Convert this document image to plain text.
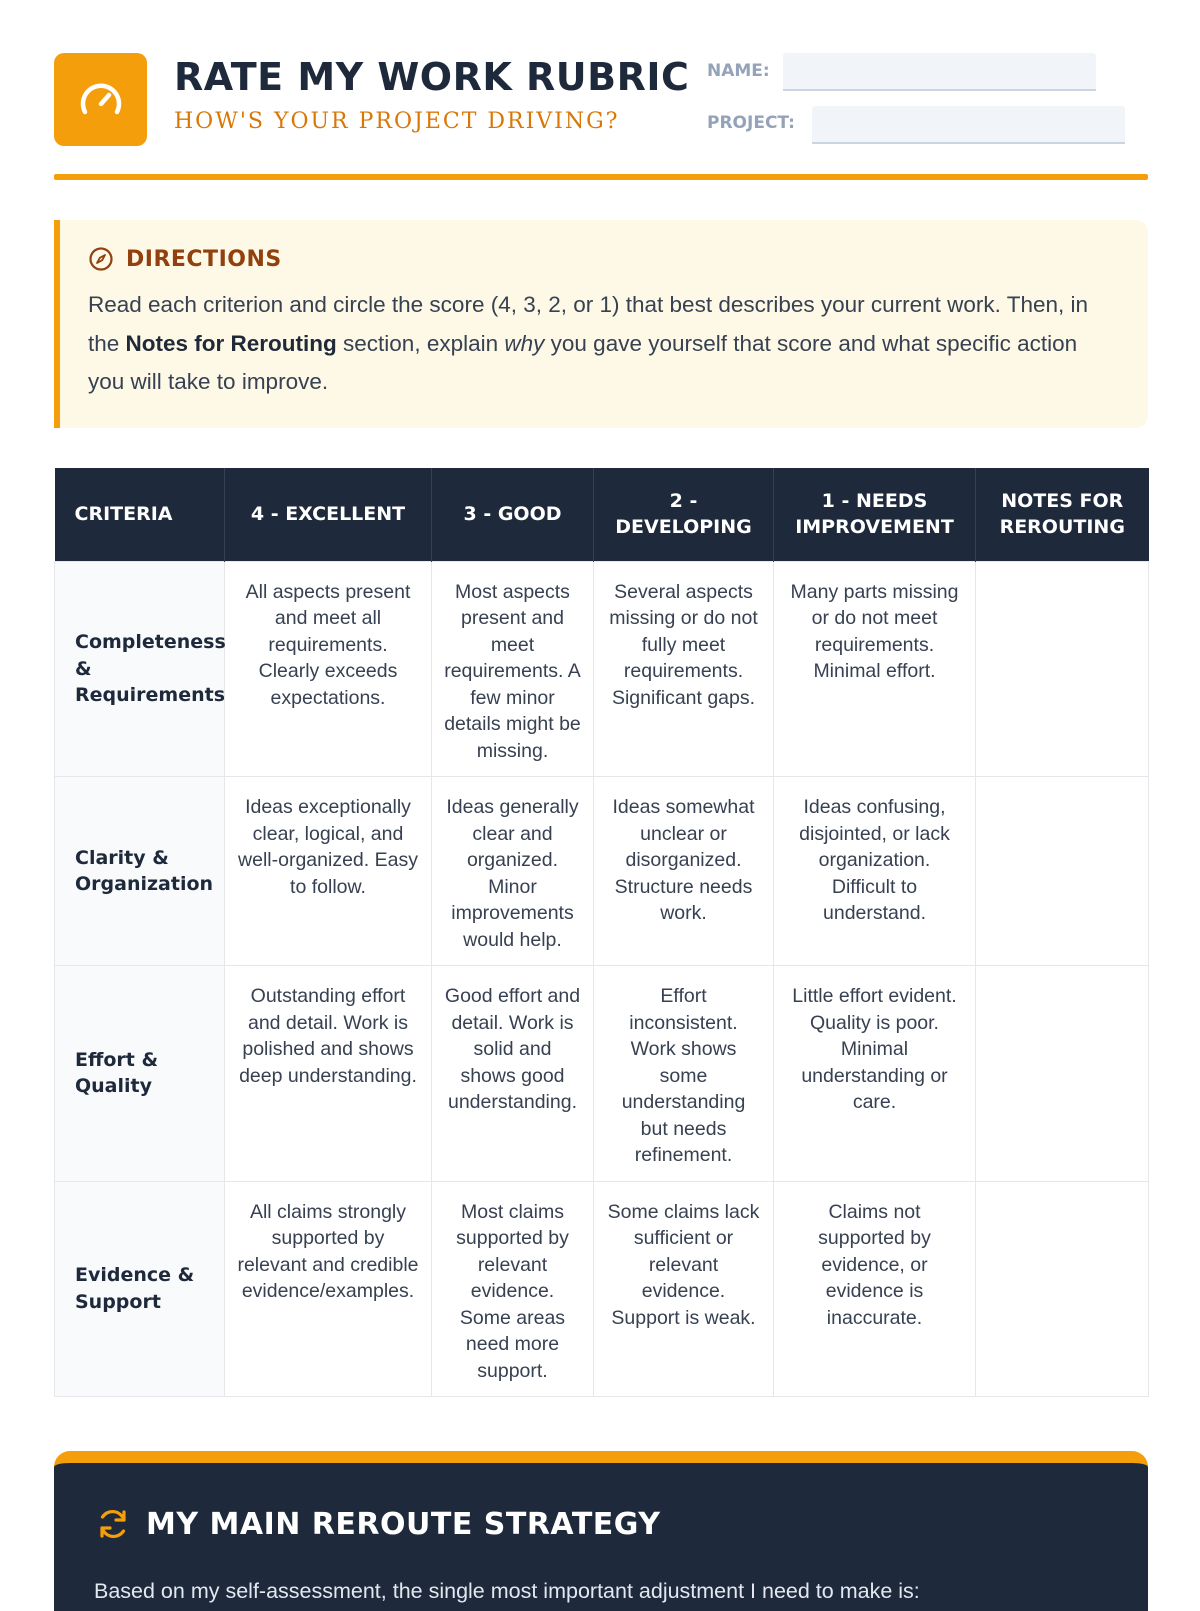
RATE MY WORK RUBRIC
HOW'S YOUR PROJECT DRIVING?
NAME:
PROJECT:
DIRECTIONS
Read each criterion and circle the score (4, 3, 2, or 1) that best describes your current work. Then, in the Notes for Rerouting section, explain why you gave yourself that score and what specific action you will take to improve.
CRITERIA	4 - EXCELLENT	3 - GOOD	2 - DEVELOPING	1 - NEEDS IMPROVEMENT	NOTES FOR REROUTING
Completeness & Requirements	All aspects present and meet all requirements. Clearly exceeds expectations.	Most aspects present and meet requirements. A few minor details might be missing.	Several aspects missing or do not fully meet requirements. Significant gaps.	Many parts missing or do not meet requirements. Minimal effort.	
Clarity & Organization	Ideas exceptionally clear, logical, and well-organized. Easy to follow.	Ideas generally clear and organized. Minor improvements would help.	Ideas somewhat unclear or disorganized. Structure needs work.	Ideas confusing, disjointed, or lack organization. Difficult to understand.	
Effort & Quality	Outstanding effort and detail. Work is polished and shows deep understanding.	Good effort and detail. Work is solid and shows good understanding.	Effort inconsistent. Work shows some understanding but needs refinement.	Little effort evident. Quality is poor. Minimal understanding or care.	
Evidence & Support	All claims strongly supported by relevant and credible evidence/examples.	Most claims supported by relevant evidence. Some areas need more support.	Some claims lack sufficient or relevant evidence. Support is weak.	Claims not supported by evidence, or evidence is inaccurate.	
MY MAIN REROUTE STRATEGY
Based on my self-assessment, the single most important adjustment I need to make is:
